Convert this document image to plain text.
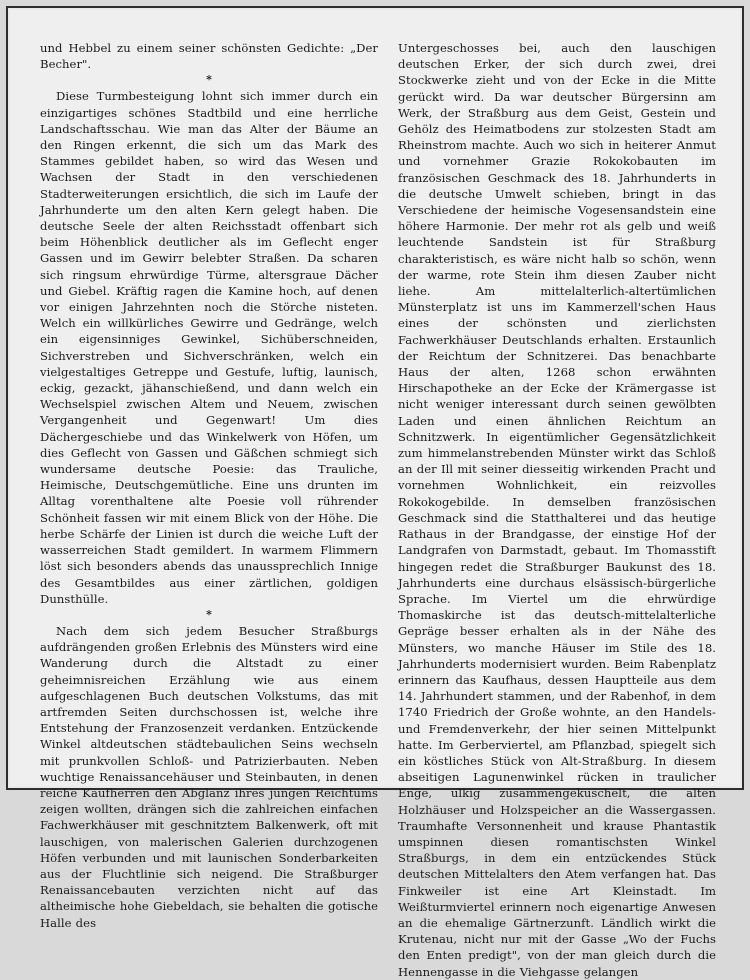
und Hebbel zu einem seiner schönsten Gedichte: „Der Becher".

*

Diese Turmbesteigung lohnt sich immer durch ein einzigartiges schönes Stadtbild und eine herrliche Landschaftsschau. Wie man das Alter der Bäume an den Ringen erkennt, die sich um das Mark des Stammes gebildet haben, so wird das Wesen und Wachsen der Stadt in den verschiedenen Stadterweiterungen ersichtlich, die sich im Laufe der Jahrhunderte um den alten Kern gelegt haben. Die deutsche Seele der alten Reichsstadt offenbart sich beim Höhenblick deutlicher als im Geflecht enger Gassen und im Gewirr belebter Straßen. Da scharen sich ringsum ehrwürdige Türme, altersgraue Dächer und Giebel. Kräftig ragen die Kamine hoch, auf denen vor einigen Jahrzehnten noch die Störche nisteten. Welch ein willkürliches Gewirre und Gedränge, welch ein eigensinniges Gewinkel, Sichüberschneiden, Sichverstreben und Sichverschränken, welch ein vielgestaltiges Getreppe und Gestufe, luftig, launisch, eckig, gezackt, jähanschießend, und dann welch ein Wechselspiel zwischen Altem und Neuem, zwischen Vergangenheit und Gegenwart! Um dies Dächergeschiebe und das Winkelwerk von Höfen, um dies Geflecht von Gassen und Gäßchen schmiegt sich wundersame deutsche Poesie: das Trauliche, Heimische, Deutschgemütliche. Eine uns drunten im Alltag vorenthaltene alte Poesie voll rührender Schönheit fassen wir mit einem Blick von der Höhe. Die herbe Schärfe der Linien ist durch die weiche Luft der wasserreichen Stadt gemildert. In warmem Flimmern löst sich besonders abends das unaussprechlich Innige des Gesamtbildes aus einer zärtlichen, goldigen Dunsthülle.

*

Nach dem sich jedem Besucher Straßburgs aufdrängenden großen Erlebnis des Münsters wird eine Wanderung durch die Altstadt zu einer geheimnisreichen Erzählung wie aus einem aufgeschlagenen Buch deutschen Volkstums, das mit artfremden Seiten durchschossen ist, welche ihre Entstehung der Franzosenzeit verdanken. Entzückende Winkel altdeutschen städtebaulichen Seins wechseln mit prunkvollen Schloß- und Patrizierbauten. Neben wuchtige Renaissancehäuser und Steinbauten, in denen reiche Kaufherren den Abglanz ihres jungen Reichtums zeigen wollten, drängen sich die zahlreichen einfachen Fachwerkhäuser mit geschnitztem Balkenwerk, oft mit lauschigen, von malerischen Galerien durchzogenen Höfen verbunden und mit launischen Sonderbarkeiten aus der Fluchtlinie sich neigend. Die Straßburger Renaissancebauten verzichten nicht auf das altheimische hohe Giebeldach, sie behalten die gotische Halle des

Untergeschosses bei, auch den lauschigen deutschen Erker, der sich durch zwei, drei Stockwerke zieht und von der Ecke in die Mitte gerückt wird. Da war deutscher Bürgersinn am Werk, der Straßburg aus dem Geist, Gestein und Gehölz des Heimatbodens zur stolzesten Stadt am Rheinstrom machte. Auch wo sich in heiterer Anmut und vornehmer Grazie Rokokobauten im französischen Geschmack des 18. Jahrhunderts in die deutsche Umwelt schieben, bringt in das Verschiedene der heimische Vogesensandstein eine höhere Harmonie. Der mehr rot als gelb und weiß leuchtende Sandstein ist für Straßburg charakteristisch, es wäre nicht halb so schön, wenn der warme, rote Stein ihm diesen Zauber nicht liehe. Am mittelalterlich-altertümlichen Münsterplatz ist uns im Kammerzell'schen Haus eines der schönsten und zierlichsten Fachwerkhäuser Deutschlands erhalten. Erstaunlich der Reichtum der Schnitzerei. Das benachbarte Haus der alten, 1268 schon erwähnten Hirschapotheke an der Ecke der Krämergasse ist nicht weniger interessant durch seinen gewölbten Laden und einen ähnlichen Reichtum an Schnitzwerk. In eigentümlicher Gegensätzlichkeit zum himmelanstrebenden Münster wirkt das Schloß an der Ill mit seiner diesseitig wirkenden Pracht und vornehmen Wohnlichkeit, ein reizvolles Rokokogebilde. In demselben französischen Geschmack sind die Statthalterei und das heutige Rathaus in der Brandgasse, der einstige Hof der Landgrafen von Darmstadt, gebaut. Im Thomasstift hingegen redet die Straßburger Baukunst des 18. Jahrhunderts eine durchaus elsässisch-bürgerliche Sprache. Im Viertel um die ehrwürdige Thomaskirche ist das deutsch-mittelalterliche Gepräge besser erhalten als in der Nähe des Münsters, wo manche Häuser im Stile des 18. Jahrhunderts modernisiert wurden. Beim Rabenplatz erinnern das Kaufhaus, dessen Hauptteile aus dem 14. Jahrhundert stammen, und der Rabenhof, in dem 1740 Friedrich der Große wohnte, an den Handels- und Fremdenverkehr, der hier seinen Mittelpunkt hatte. Im Gerberviertel, am Pflanzbad, spiegelt sich ein köstliches Stück von Alt-Straßburg. In diesem abseitigen Lagunenwinkel rücken in traulicher Enge, ulkig zusammengekuschelt, die alten Holzhäuser und Holzspeicher an die Wassergassen. Traumhafte Versonnenheit und krause Phantastik umspinnen diesen romantischsten Winkel Straßburgs, in dem ein entzückendes Stück deutschen Mittelalters den Atem verfangen hat. Das Finkweiler ist eine Art Kleinstadt. Im Weißturmviertel erinnern noch eigenartige Anwesen an die ehemalige Gärtnerzunft. Ländlich wirkt die Krutenau, nicht nur mit der Gasse „Wo der Fuchs den Enten predigt", von der man gleich durch die Hennengasse in die Viehgasse gelangen
